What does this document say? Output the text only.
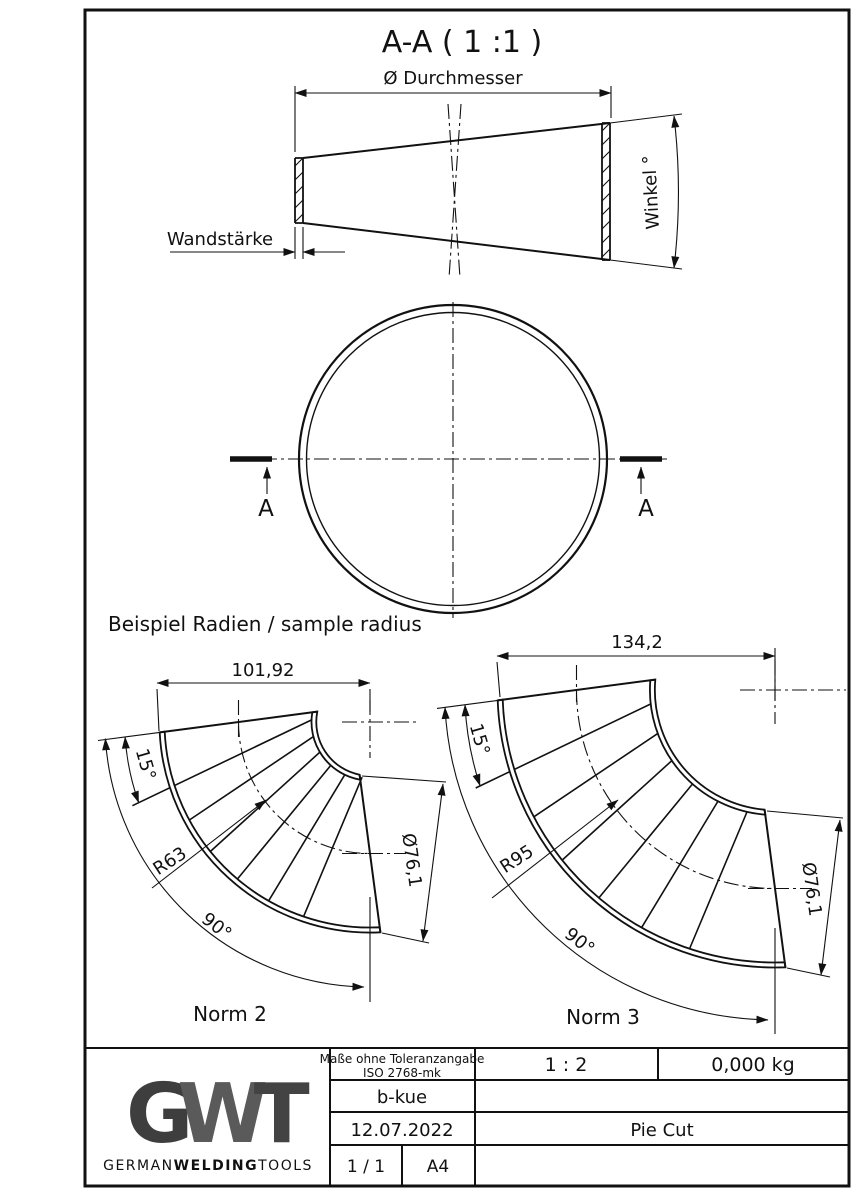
A-A ( 1 :1 )
Ø Durchmesser
Wandstärke
Winkel °
A	A
Beispiel Radien / sample radius
101,92
15°
R63	Ø76,1
90°
Norm 2
134,2
15°
R95
Ø76,1
90°
Norm 3
Maße ohne Toleranzangabe
ISO 2768-mk	1 : 2	0,000 kg
b-kue
12.07.2022	Pie Cut
1 / 1 A4
GWT
GERMANWELDINGTOOLS
